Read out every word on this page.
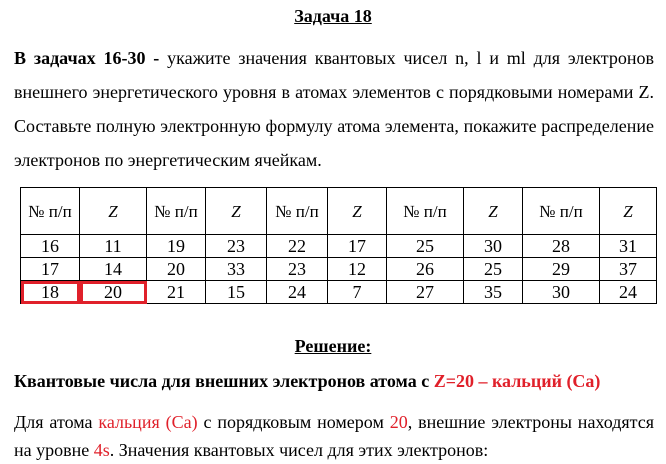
Задача 18
В задачах 16-30 - укажите значения квантовых чисел n, l и ml для электронов внешнего энергетического уровня в атомах элементов с порядковыми номерами Z. Составьте полную электронную формулу атома элемента, покажите распределение электронов по энергетическим ячейкам.
№ п/п	Z	№ п/п	Z	№ п/п	Z	№ п/п	Z	№ п/п	Z
16	11	19	23	22	17	25	30	28	31
17	14	20	33	23	12	26	25	29	37
18	20	21	15	24	7	27	35	30	24
Решение:
Квантовые числа для внешних электронов атома с Z=20 – кальций (Ca)
Для атома кальция (Ca) с порядковым номером 20, внешние электроны находятся на уровне 4s. Значения квантовых чисел для этих электронов:
